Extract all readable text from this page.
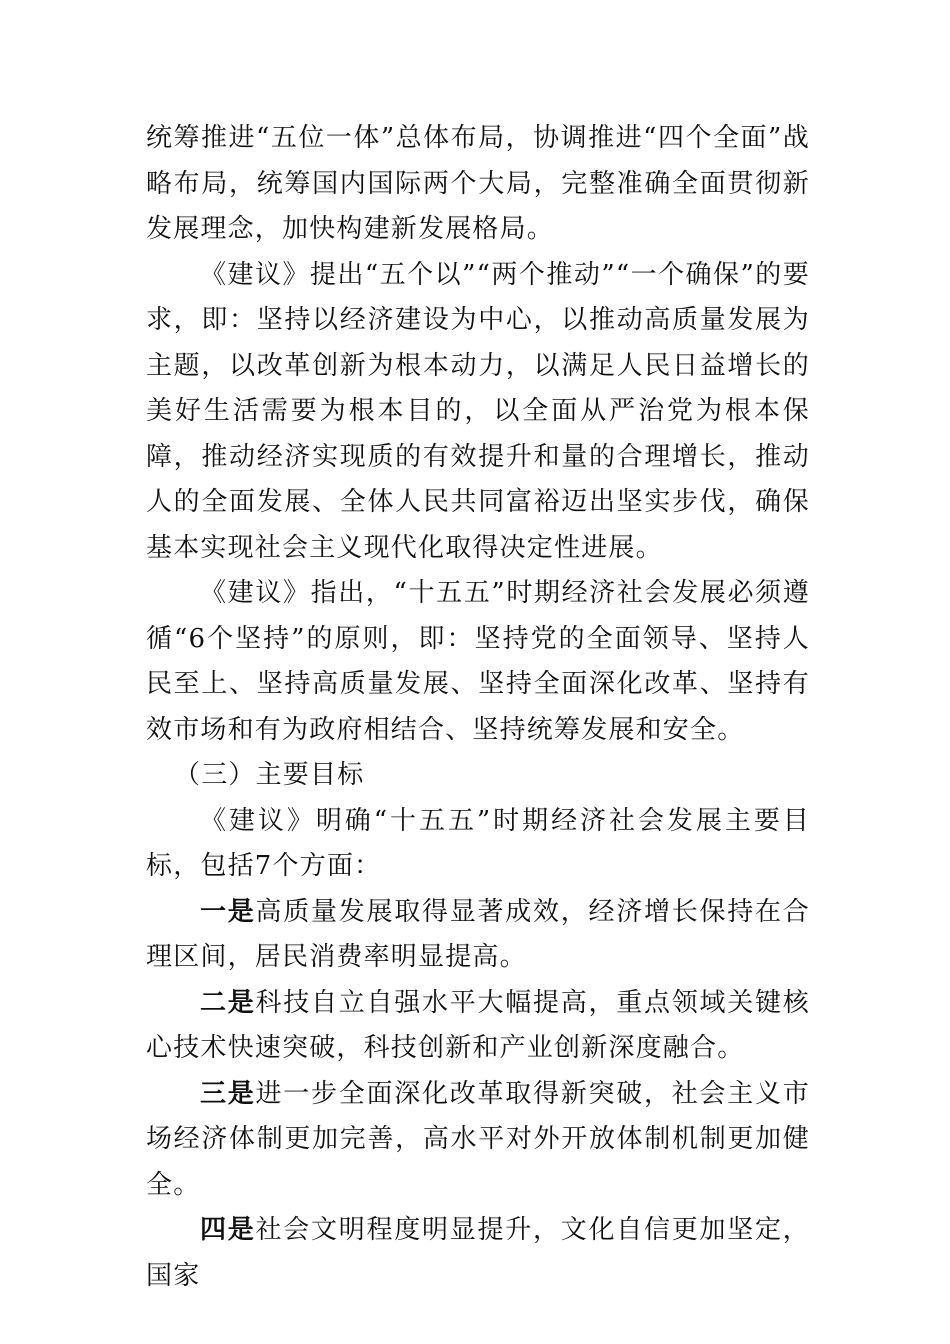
统筹推进“五位一体”总体布局，协调推进“四个全面”战略布局，统筹国内国际两个大局，完整准确全面贯彻新发展理念，加快构建新发展格局。

《建议》提出“五个以”“两个推动”“一个确保”的要求，即：坚持以经济建设为中心，以推动高质量发展为主题，以改革创新为根本动力，以满足人民日益增长的美好生活需要为根本目的，以全面从严治党为根本保障，推动经济实现质的有效提升和量的合理增长，推动人的全面发展、全体人民共同富裕迈出坚实步伐，确保基本实现社会主义现代化取得决定性进展。

《建议》指出，“十五五”时期经济社会发展必须遵循“6个坚持”的原则，即：坚持党的全面领导、坚持人民至上、坚持高质量发展、坚持全面深化改革、坚持有效市场和有为政府相结合、坚持统筹发展和安全。

（三）主要目标

《建议》明确“十五五”时期经济社会发展主要目标，包括7个方面：

一是高质量发展取得显著成效，经济增长保持在合理区间，居民消费率明显提高。

二是科技自立自强水平大幅提高，重点领域关键核心技术快速突破，科技创新和产业创新深度融合。

三是进一步全面深化改革取得新突破，社会主义市场经济体制更加完善，高水平对外开放体制机制更加健全。

四是社会文明程度明显提升，文化自信更加坚定，国家
